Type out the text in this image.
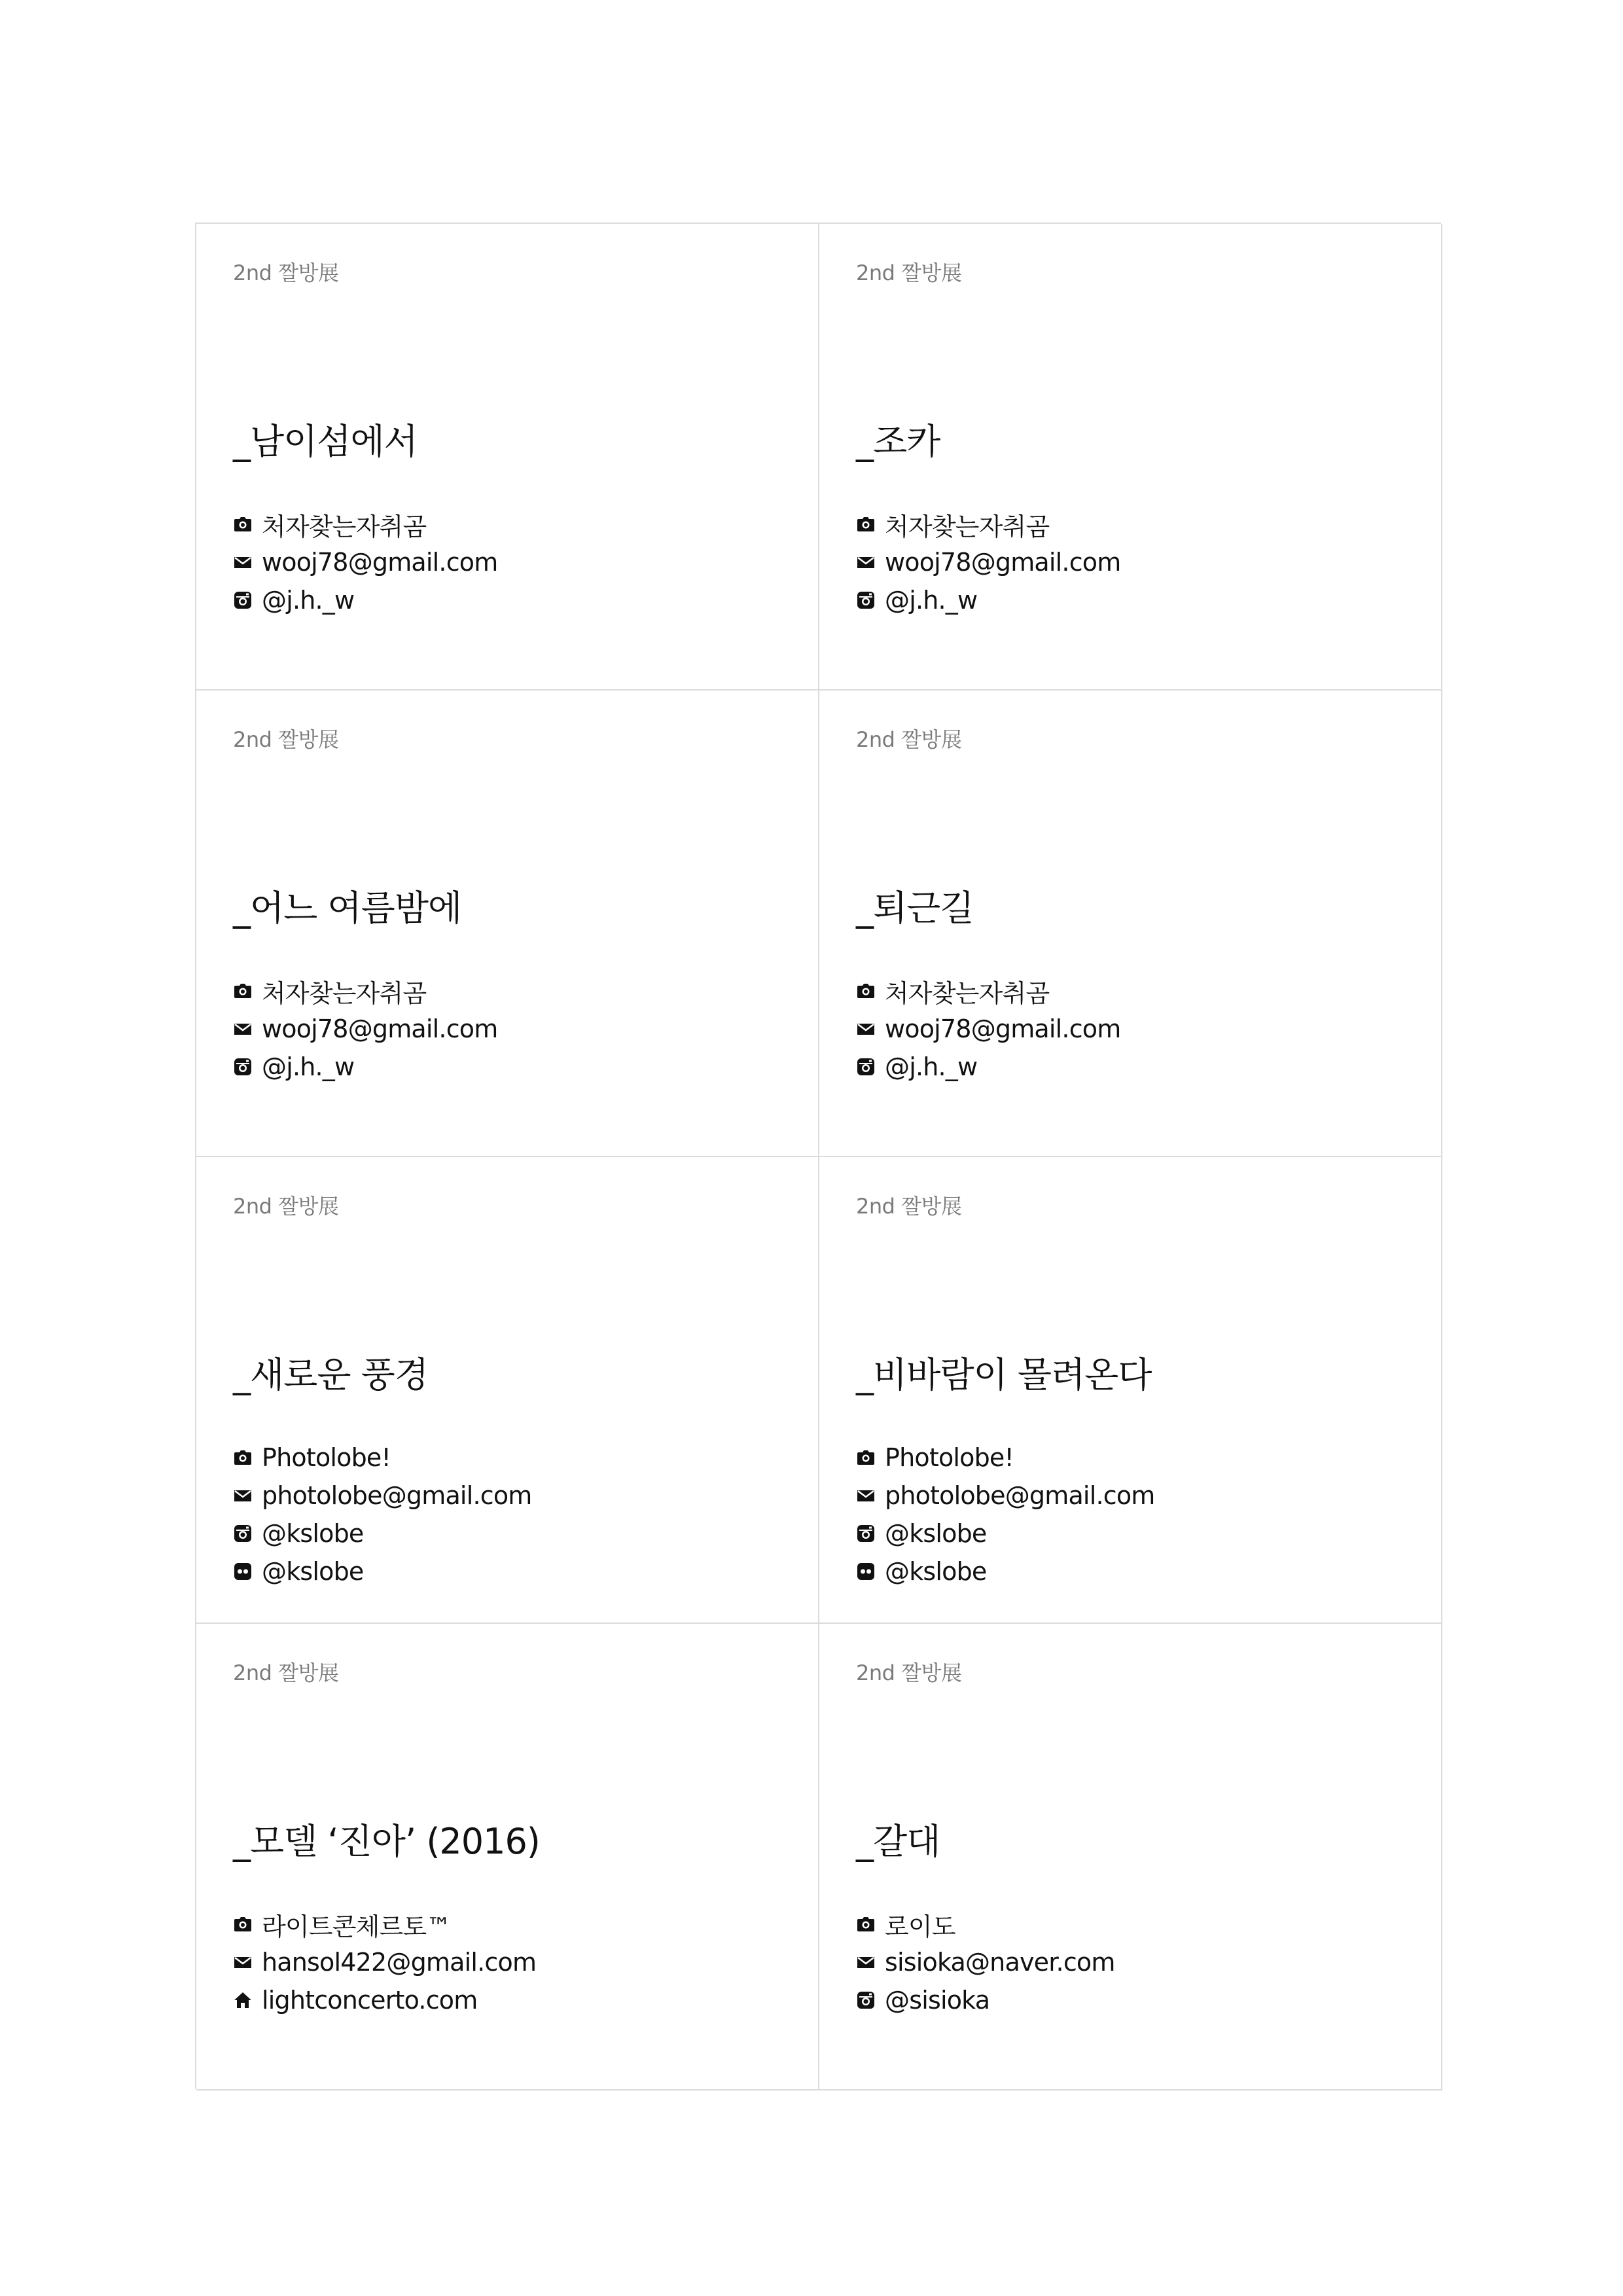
2nd 짤방展
_남이섬에서
처자찾는자취곰
wooj78@gmail.com
@j.h._w
2nd 짤방展
_조카
처자찾는자취곰
wooj78@gmail.com
@j.h._w
2nd 짤방展
_어느 여름밤에
처자찾는자취곰
wooj78@gmail.com
@j.h._w
2nd 짤방展
_퇴근길
처자찾는자취곰
wooj78@gmail.com
@j.h._w
2nd 짤방展
_새로운 풍경
Photolobe!
photolobe@gmail.com
@kslobe
@kslobe
2nd 짤방展
_비바람이 몰려온다
Photolobe!
photolobe@gmail.com
@kslobe
@kslobe
2nd 짤방展
_모델 ‘진아’ (2016)
라이트콘체르토™
hansol422@gmail.com
lightconcerto.com
2nd 짤방展
_갈대
로이도
sisioka@naver.com
@sisioka
